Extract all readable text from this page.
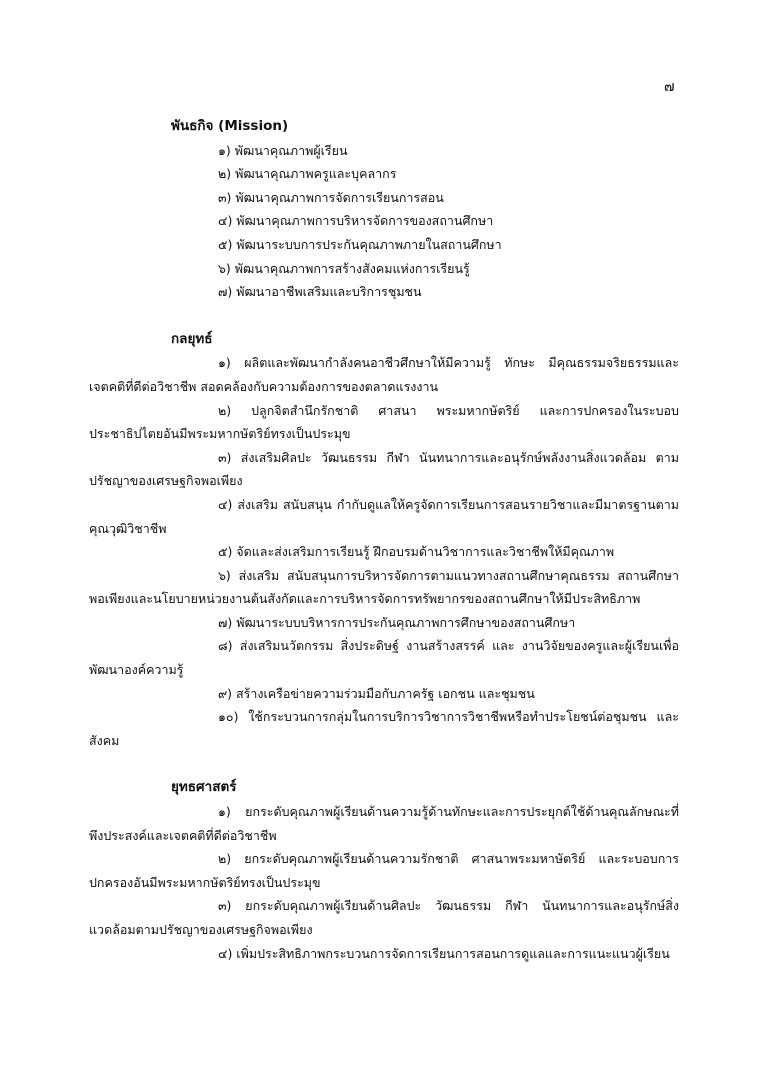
๗

พันธกิจ (Mission)

๑) พัฒนาคุณภาพผู้เรียน
๒) พัฒนาคุณภาพครูและบุคลากร
๓) พัฒนาคุณภาพการจัดการเรียนการสอน
๔) พัฒนาคุณภาพการบริหารจัดการของสถานศึกษา
๕) พัฒนาระบบการประกันคุณภาพภายในสถานศึกษา
๖) พัฒนาคุณภาพการสร้างสังคมแห่งการเรียนรู้
๗) พัฒนาอาชีพเสริมและบริการชุมชน

กลยุทธ์

๑) ผลิตและพัฒนากำลังคนอาชีวศึกษาให้มีความรู้ ทักษะ มีคุณธรรมจริยธรรมและเจตคติที่ดีต่อวิชาชีพ สอดคล้องกับความต้องการของตลาดแรงงาน

๒) ปลูกจิตสำนึกรักชาติ ศาสนา พระมหากษัตริย์ และการปกครองในระบอบประชาธิปไตยอันมีพระมหากษัตริย์ทรงเป็นประมุข

๓) ส่งเสริมศิลปะ วัฒนธรรม กีฬา นันทนาการและอนุรักษ์พลังงานสิ่งแวดล้อม ตามปรัชญาของเศรษฐกิจพอเพียง

๔) ส่งเสริม สนับสนุน กำกับดูแลให้ครูจัดการเรียนการสอนรายวิชาและมีมาตรฐานตามคุณวุฒิวิชาชีพ

๕) จัดและส่งเสริมการเรียนรู้ ฝึกอบรมด้านวิชาการและวิชาชีพให้มีคุณภาพ

๖) ส่งเสริม สนับสนุนการบริหารจัดการตามแนวทางสถานศึกษาคุณธรรม สถานศึกษาพอเพียงและนโยบายหน่วยงานต้นสังกัดและการบริหารจัดการทรัพยากรของสถานศึกษาให้มีประสิทธิภาพ

๗) พัฒนาระบบบริหารการประกันคุณภาพการศึกษาของสถานศึกษา

๘) ส่งเสริมนวัตกรรม สิ่งประดิษฐ์ งานสร้างสรรค์ และ งานวิจัยของครูและผู้เรียนเพื่อพัฒนาองค์ความรู้

๙) สร้างเครือข่ายความร่วมมือกับภาครัฐ เอกชน และชุมชน

๑๐) ใช้กระบวนการกลุ่มในการบริการวิชาการวิชาชีพหรือทำประโยชน์ต่อชุมชน และสังคม

ยุทธศาสตร์

๑) ยกระดับคุณภาพผู้เรียนด้านความรู้ด้านทักษะและการประยุกต์ใช้ด้านคุณลักษณะที่พึงประสงค์และเจตคติที่ดีต่อวิชาชีพ

๒) ยกระดับคุณภาพผู้เรียนด้านความรักชาติ ศาสนาพระมหาษัตริย์ และระบอบการปกครองอันมีพระมหากษัตริย์ทรงเป็นประมุข

๓) ยกระดับคุณภาพผู้เรียนด้านศิลปะ วัฒนธรรม กีฬา นันทนาการและอนุรักษ์สิ่งแวดล้อมตามปรัชญาของเศรษฐกิจพอเพียง

๔) เพิ่มประสิทธิภาพกระบวนการจัดการเรียนการสอนการดูแลและการแนะแนวผู้เรียน
